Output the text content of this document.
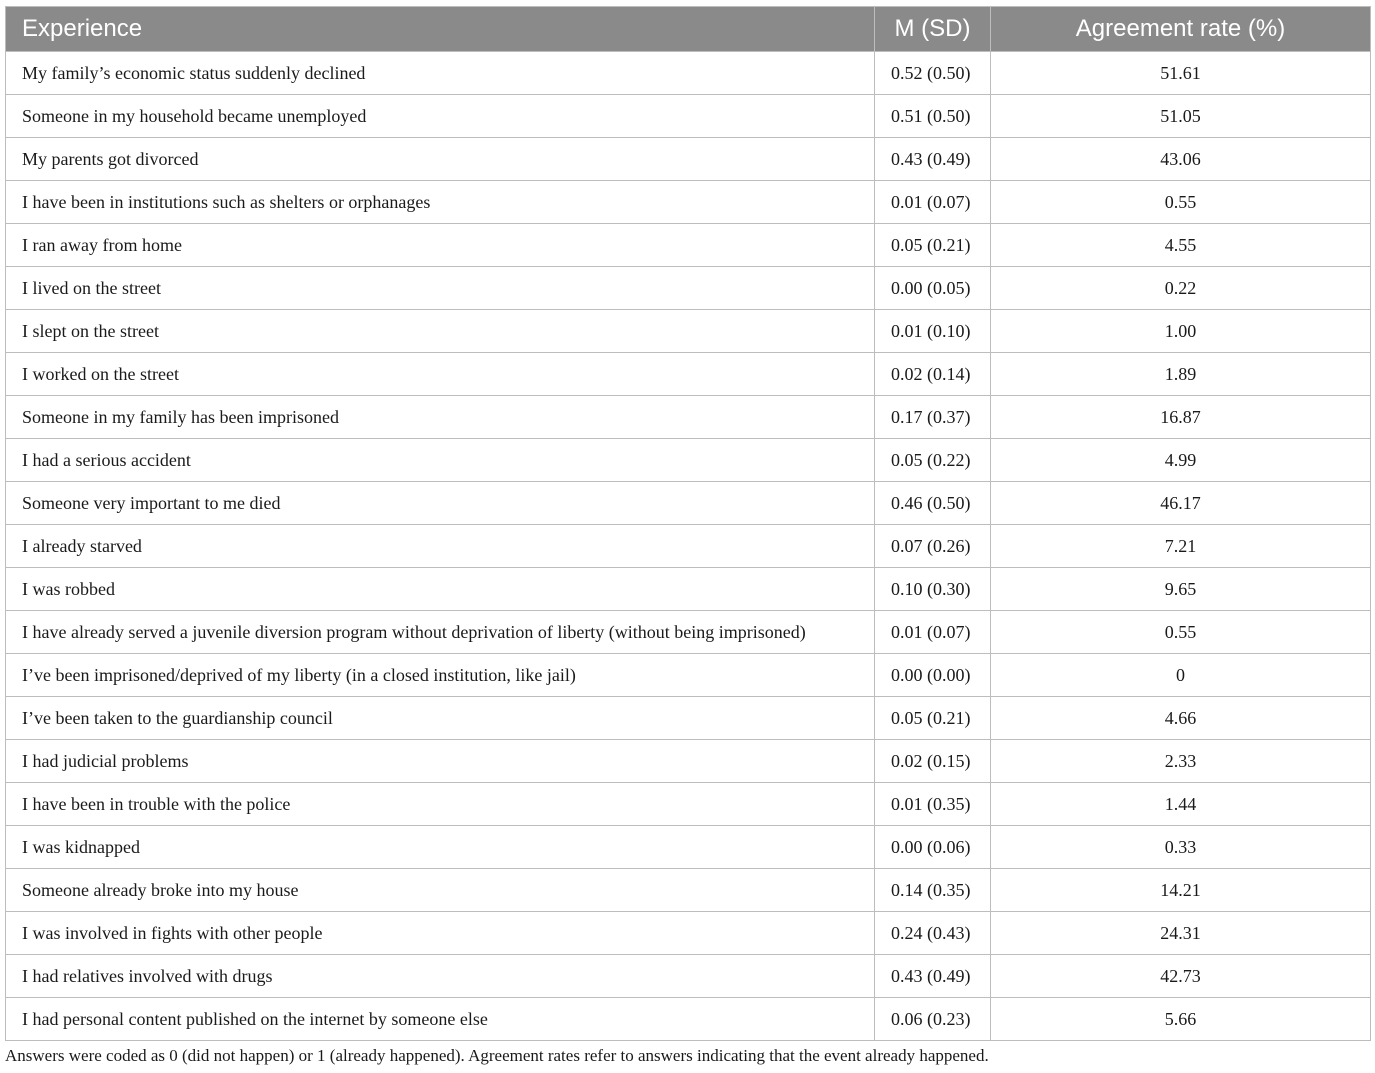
Experience	M (SD)	Agreement rate (%)
My family’s economic status suddenly declined	0.52 (0.50)	51.61
Someone in my household became unemployed	0.51 (0.50)	51.05
My parents got divorced	0.43 (0.49)	43.06
I have been in institutions such as shelters or orphanages	0.01 (0.07)	0.55
I ran away from home	0.05 (0.21)	4.55
I lived on the street	0.00 (0.05)	0.22
I slept on the street	0.01 (0.10)	1.00
I worked on the street	0.02 (0.14)	1.89
Someone in my family has been imprisoned	0.17 (0.37)	16.87
I had a serious accident	0.05 (0.22)	4.99
Someone very important to me died	0.46 (0.50)	46.17
I already starved	0.07 (0.26)	7.21
I was robbed	0.10 (0.30)	9.65
I have already served a juvenile diversion program without deprivation of liberty (without being imprisoned)	0.01 (0.07)	0.55
I’ve been imprisoned/deprived of my liberty (in a closed institution, like jail)	0.00 (0.00)	0
I’ve been taken to the guardianship council	0.05 (0.21)	4.66
I had judicial problems	0.02 (0.15)	2.33
I have been in trouble with the police	0.01 (0.35)	1.44
I was kidnapped	0.00 (0.06)	0.33
Someone already broke into my house	0.14 (0.35)	14.21
I was involved in fights with other people	0.24 (0.43)	24.31
I had relatives involved with drugs	0.43 (0.49)	42.73
I had personal content published on the internet by someone else	0.06 (0.23)	5.66
Answers were coded as 0 (did not happen) or 1 (already happened). Agreement rates refer to answers indicating that the event already happened.
